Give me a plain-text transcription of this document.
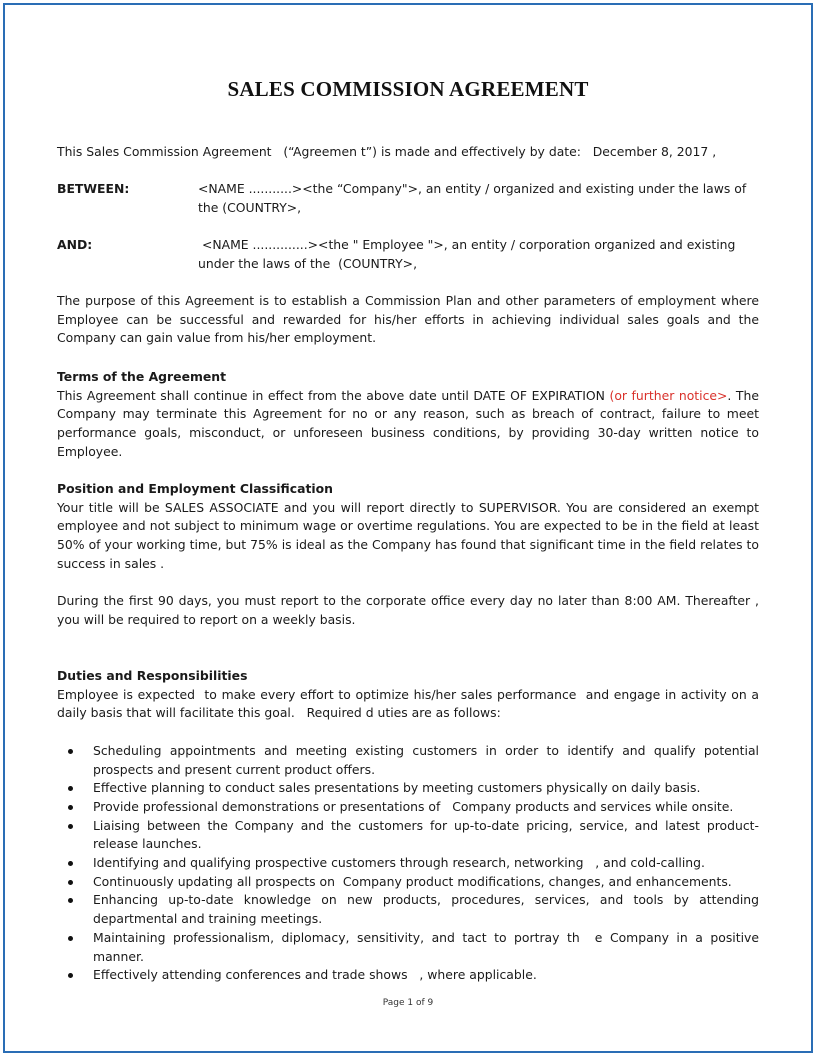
SALES COMMISSION AGREEMENT
This Sales Commission Agreement   (“Agreemen t”) is made and effectively by date:   December 8, 2017 ,
BETWEEN:	<NAME ...........><the “Company">, an entity / organized and existing under the laws of the (COUNTRY>,
AND:	<NAME ..............><the " Employee ">, an entity / corporation organized and existing under the laws of the  (COUNTRY>,
The purpose of this Agreement is to establish a Commission Plan and other parameters of employment where Employee can be successful and rewarded for his/her efforts in achieving individual sales goals and the Company can gain value from his/her employment.
Terms of the Agreement
This Agreement shall continue in effect from the above date until DATE OF EXPIRATION (or further notice>. The Company may terminate this Agreement for no or any reason, such as breach of contract, failure to meet performance goals, misconduct, or unforeseen business conditions, by providing 30-day written notice to Employee.
Position and Employment Classification
Your title will be SALES ASSOCIATE and you will report directly to SUPERVISOR. You are considered an exempt employee and not subject to minimum wage or overtime regulations. You are expected to be in the field at least 50% of your working time, but 75% is ideal as the Company has found that significant time in the field relates to success in sales .
During the first 90 days, you must report to the corporate office every day no later than 8:00 AM. Thereafter , you will be required to report on a weekly basis.
Duties and Responsibilities
Employee is expected  to make every effort to optimize his/her sales performance  and engage in activity on a daily basis that will facilitate this goal.   Required d uties are as follows:
Scheduling appointments and meeting existing customers in order to identify and qualify potential prospects and present current product offers.
Effective planning to conduct sales presentations by meeting customers physically on daily basis.
Provide professional demonstrations or presentations of   Company products and services while onsite.
Liaising between the Company and the customers for up-to-date pricing, service, and latest product-release launches.
Identifying and qualifying prospective customers through research, networking   , and cold-calling.
Continuously updating all prospects on  Company product modifications, changes, and enhancements.
Enhancing up-to-date knowledge on new products, procedures, services, and tools by attending departmental and training meetings.
Maintaining professionalism, diplomacy, sensitivity, and tact to portray th  e Company in a positive manner.
Effectively attending conferences and trade shows   , where applicable.
Page 1 of 9
